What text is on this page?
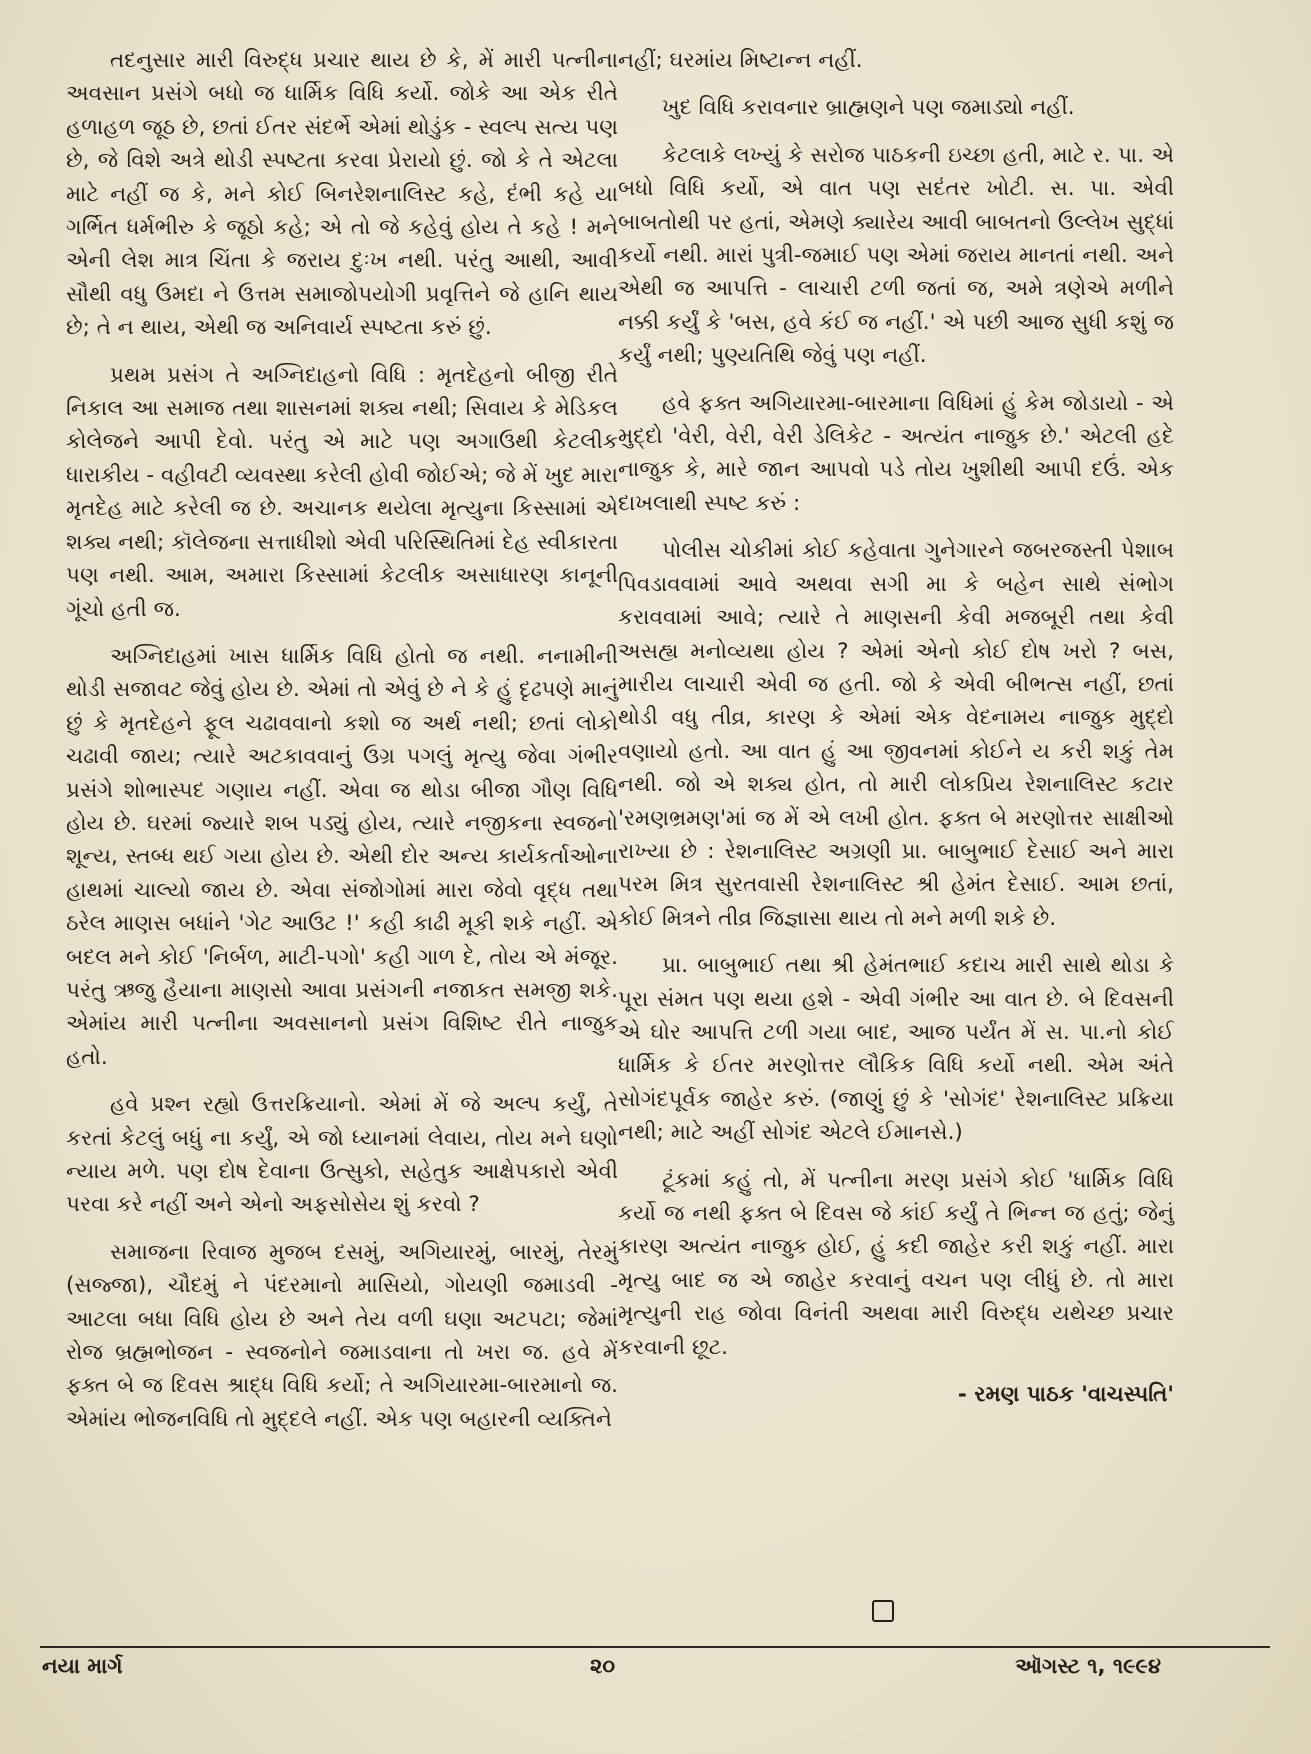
તદનુસાર મારી વિરુદ્ધ પ્રચાર થાય છે કે, મેં મારી પત્નીના અવસાન પ્રસંગે બધો જ ધાર્મિક વિધિ કર્યો. જોકે આ એક રીતે હળાહળ જૂઠ છે, છતાં ઈતર સંદર્ભે એમાં થોડુંક - સ્વલ્પ સત્ય પણ છે, જે વિશે અત્રે થોડી સ્પષ્ટતા કરવા પ્રેરાયો છું. જો કે તે એટલા માટે નહીં જ કે, મને કોઈ બિનરેશનાલિસ્ટ કહે, દંભી કહે યા ગર્ભિત ધર્મભીરુ કે જૂઠો કહે; એ તો જે કહેવું હોય તે કહે ! મને એની લેશ માત્ર ચિંતા કે જરાય દુઃખ નથી. પરંતુ આથી, આવી સૌથી વધુ ઉમદા ને ઉત્તમ સમાજોપયોગી પ્રવૃત્તિને જે હાનિ થાય છે; તે ન થાય, એથી જ અનિવાર્ય સ્પષ્ટતા કરું છું.

પ્રથમ પ્રસંગ તે અગ્નિદાહનો વિધિ : મૃતદેહનો બીજી રીતે નિકાલ આ સમાજ તથા શાસનમાં શક્ય નથી; સિવાય કે મેડિકલ કોલેજને આપી દેવો. પરંતુ એ માટે પણ અગાઉથી કેટલીક ધારાકીય - વહીવટી વ્યવસ્થા કરેલી હોવી જોઈએ; જે મેં ખુદ મારા મૃતદેહ માટે કરેલી જ છે. અચાનક થયેલા મૃત્યુના કિસ્સામાં એ શક્ય નથી; કૉલેજના સત્તાધીશો એવી પરિસ્થિતિમાં દેહ સ્વીકારતા પણ નથી. આમ, અમારા કિસ્સામાં કેટલીક અસાધારણ કાનૂની ગૂંચો હતી જ.

અગ્નિદાહમાં ખાસ ધાર્મિક વિધિ હોતો જ નથી. નનામીની થોડી સજાવટ જેવું હોય છે. એમાં તો એવું છે ને કે હું દૃઢપણે માનું છું કે મૃતદેહને ફૂલ ચઢાવવાનો કશો જ અર્થ નથી; છતાં લોકો ચઢાવી જાય; ત્યારે અટકાવવાનું ઉગ્ર પગલું મૃત્યુ જેવા ગંભીર પ્રસંગે શોભાસ્પદ ગણાય નહીં. એવા જ થોડા બીજા ગૌણ વિધિ હોય છે. ઘરમાં જ્યારે શબ પડ્યું હોય, ત્યારે નજીકના સ્વજનો શૂન્ય, સ્તબ્ધ થઈ ગયા હોય છે. એથી દોર અન્ય કાર્યકર્તાઓના હાથમાં ચાલ્યો જાય છે. એવા સંજોગોમાં મારા જેવો વૃદ્ધ તથા ઠરેલ માણસ બધાંને 'ગેટ આઉટ !' કહી કાઢી મૂકી શકે નહીં. એ બદલ મને કોઈ 'નિર્બળ, માટી-પગો' કહી ગાળ દે, તોય એ મંજૂર. પરંતુ ઋજુ હૈયાના માણસો આવા પ્રસંગની નજાકત સમજી શકે. એમાંય મારી પત્નીના અવસાનનો પ્રસંગ વિશિષ્ટ રીતે નાજુક હતો.

હવે પ્રશ્ન રહ્યો ઉત્તરક્રિયાનો. એમાં મેં જે અલ્પ કર્યું, તે કરતાં કેટલું બધું ના કર્યું, એ જો ધ્યાનમાં લેવાય, તોય મને ઘણો ન્યાય મળે. પણ દોષ દેવાના ઉત્સુકો, સહેતુક આક્ષેપકારો એવી પરવા કરે નહીં અને એનો અફસોસેય શું કરવો ?

સમાજના રિવાજ મુજબ દસમું, અગિયારમું, બારમું, તેરમું (સજ્જા), ચૌદમું ને પંદરમાનો માસિયો, ગોયણી જમાડવી - આટલા બધા વિધિ હોય છે અને તેય વળી ઘણા અટપટા; જેમાં રોજ બ્રહ્મભોજન - સ્વજનોને જમાડવાના તો ખરા જ. હવે મેં ફક્ત બે જ દિવસ શ્રાદ્ધ વિધિ કર્યો; તે અગિયારમા-બારમાનો જ. એમાંય ભોજનવિધિ તો મુદ્દલે નહીં. એક પણ બહારની વ્યક્તિને

નહીં; ઘરમાંય મિષ્ટાન્ન નહીં.

ખુદ વિધિ કરાવનાર બ્રાહ્મણને પણ જમાડ્યો નહીં.

કેટલાકે લખ્યું કે સરોજ પાઠકની ઇચ્છા હતી, માટે ર. પા. એ બધો વિધિ કર્યો, એ વાત પણ સદંતર ખોટી. સ. પા. એવી બાબતોથી પર હતાં, એમણે ક્યારેય આવી બાબતનો ઉલ્લેખ સુદ્ધાં કર્યો નથી. મારાં પુત્રી-જમાઈ પણ એમાં જરાય માનતાં નથી. અને એથી જ આપત્તિ - લાચારી ટળી જતાં જ, અમે ત્રણેએ મળીને નક્કી કર્યું કે 'બસ, હવે કંઈ જ નહીં.' એ પછી આજ સુધી કશું જ કર્યું નથી; પુણ્યતિથિ જેવું પણ નહીં.

હવે ફક્ત અગિયારમા-બારમાના વિધિમાં હું કેમ જોડાયો - એ મુદ્દો 'વેરી, વેરી, વેરી ડેલિકેટ - અત્યંત નાજુક છે.' એટલી હદે નાજુક કે, મારે જાન આપવો પડે તોય ખુશીથી આપી દઉં. એક દાખલાથી સ્પષ્ટ કરું :

પોલીસ ચોકીમાં કોઈ કહેવાતા ગુનેગારને જબરજસ્તી પેશાબ પિવડાવવામાં આવે અથવા સગી મા કે બહેન સાથે સંભોગ કરાવવામાં આવે; ત્યારે તે માણસની કેવી મજબૂરી તથા કેવી અસહ્ય મનોવ્યથા હોય ? એમાં એનો કોઈ દોષ ખરો ? બસ, મારીય લાચારી એવી જ હતી. જો કે એવી બીભત્સ નહીં, છતાં થોડી વધુ તીવ્ર, કારણ કે એમાં એક વેદનામય નાજુક મુદ્દો વણાયો હતો. આ વાત હું આ જીવનમાં કોઈને ય કરી શકું તેમ નથી. જો એ શક્ય હોત, તો મારી લોકપ્રિય રેશનાલિસ્ટ કટાર 'રમણભ્રમણ'માં જ મેં એ લખી હોત. ફક્ત બે મરણોત્તર સાક્ષીઓ રાખ્યા છે : રેશનાલિસ્ટ અગ્રણી પ્રા. બાબુભાઈ દેસાઈ અને મારા પરમ મિત્ર સુરતવાસી રેશનાલિસ્ટ શ્રી હેમંત દેસાઈ. આમ છતાં, કોઈ મિત્રને તીવ્ર જિજ્ઞાસા થાય તો મને મળી શકે છે.

પ્રા. બાબુભાઈ તથા શ્રી હેમંતભાઈ કદાચ મારી સાથે થોડા કે પૂરા સંમત પણ થયા હશે - એવી ગંભીર આ વાત છે. બે દિવસની એ ઘોર આપત્તિ ટળી ગયા બાદ, આજ પર્યંત મેં સ. પા.નો કોઈ ધાર્મિક કે ઈતર મરણોત્તર લૌકિક વિધિ કર્યો નથી. એમ અંતે સોગંદપૂર્વક જાહેર કરું. (જાણું છું કે 'સોગંદ' રેશનાલિસ્ટ પ્રક્રિયા નથી; માટે અહીં સોગંદ એટલે ઈમાનસે.)

ટૂંકમાં કહું તો, મેં પત્નીના મરણ પ્રસંગે કોઈ 'ધાર્મિક વિધિ કર્યો જ નથી ફક્ત બે દિવસ જે કાંઈ કર્યું તે ભિન્ન જ હતું; જેનું કારણ અત્યંત નાજુક હોઈ, હું કદી જાહેર કરી શકું નહીં. મારા મૃત્યુ બાદ જ એ જાહેર કરવાનું વચન પણ લીધું છે. તો મારા મૃત્યુની રાહ જોવા વિનંતી અથવા મારી વિરુદ્ધ યથેચ્છ પ્રચાર કરવાની છૂટ.

- રમણ પાઠક 'વાચસ્પતિ'

નયા માર્ગ	૨૦	ઑગસ્ટ ૧, ૧૯૯૪
